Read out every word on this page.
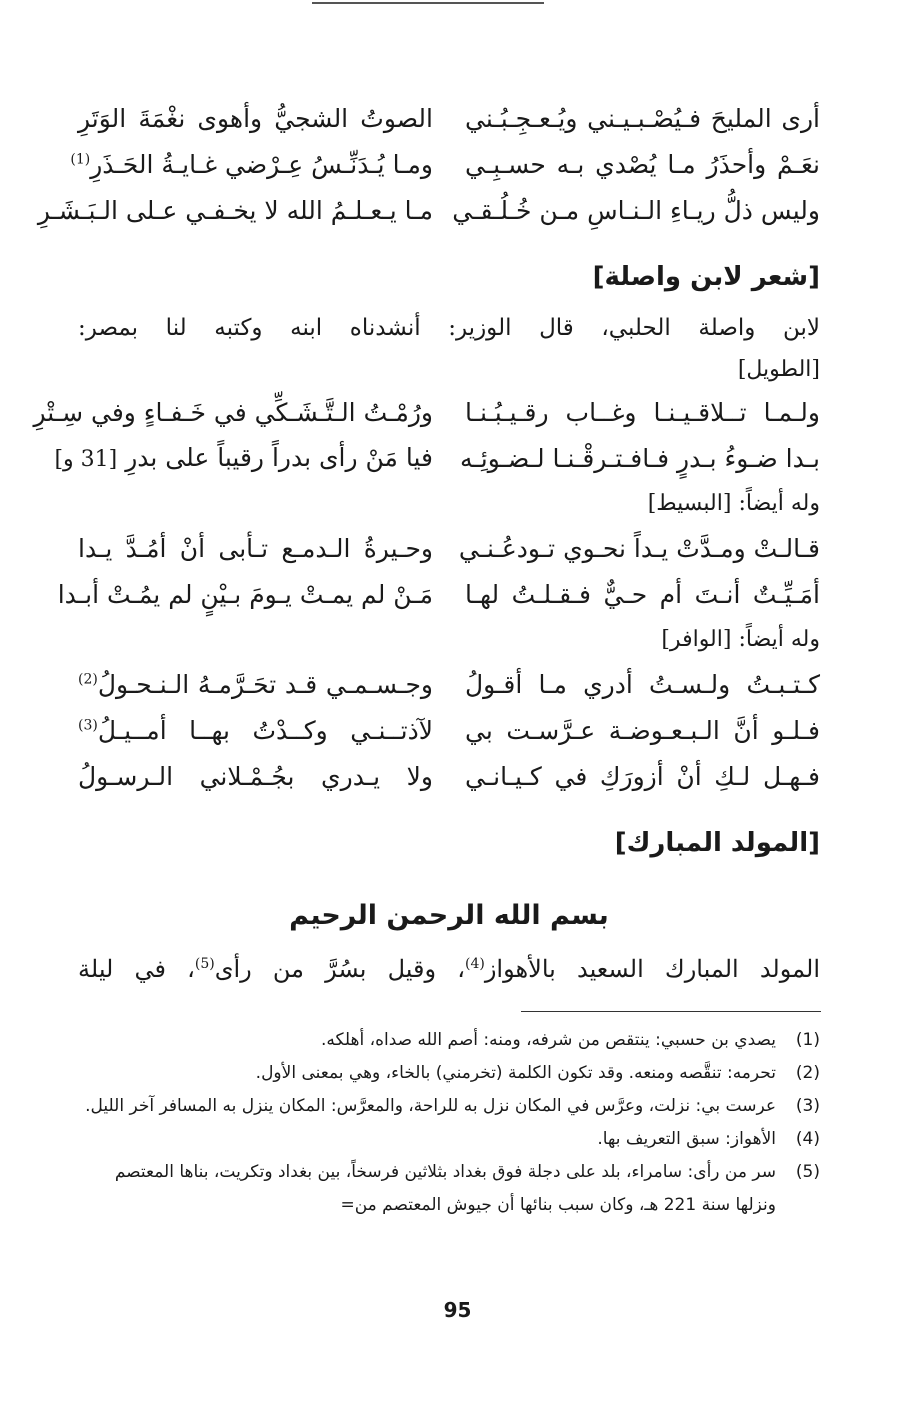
أرى المليحَ فـيُصْـبـيـني ويُـعـجِـبُـني
الصوتُ الشجيُّ وأهوى نغْمَةَ الوَتَرِ
نعَـمْ وأحذَرُ مـا يُصْدي بـه حسـبِـي
ومـا يُـدَنِّـسُ عِـرْضي غـايـةُ الحَـذَرِ$^{(1)}$
وليس ذلُّ ريـاءِ الـنـاسِ مـن خُـلُـقـي
مـا يـعـلـمُ الله لا يخـفـي عـلى الـبَـشَـرِ
[شعر لابن واصلة]

لابن واصلة الحلبي، قال الوزير: أنشدناه ابنه وكتبه لنا بمصر:

[الطويل]

ولـمـا تــلاقـيـنـا وغــاب رقـيـبُـنـا
ورُمْـتُ الـتَّـشَـكِّي في خَـفـاءٍ وفي سِـتْرِ
بـدا ضـوءُ بـدرٍ فـافـتـرقْـنـا لـضـوئِـه
فيا مَنْ رأى بدراً رقيباً على بدرِ [31 و]

وله أيضاً: [البسيط]

قـالـتْ ومـدَّتْ يـداً نحـوي تـودعُـنـي
وحـيرةُ الـدمـع تـأبى أنْ أمُـدَّ يـدا
أمَـيِّـتٌ أنـتَ أم حـيٌّ فـقـلـتُ لهـا
مَـنْ لم يمـتْ يـومَ بـيْنٍ لم يمُـتْ أبـدا

وله أيضاً: [الوافر]

كـتـبـتُ ولـسـتُ أدري مـا أقـولُ
وجـسـمـي قـد تحَـرَّمـهُ الـنـحـولُ$^{(2)}$
فـلـو أنَّ الـبـعـوضـة عـرَّسـت بي
لآذتــنـي وكــدْتُ بهــا أمــيـلُ$^{(3)}$
فـهـل لـكِ أنْ أزورَكِ في كـيـانـي
ولا يـدري بجُـمْـلاني الـرسـولُ
[المولد المبارك]
بسم الله الرحمن الرحيم

المولد المبارك السعيد بالأهواز$^{(4)}$، وقيل بسُرَّ من رأى$^{(5)}$، في ليلة

(1)
يصدي بن حسبي: ينتقص من شرفه، ومنه: أصم الله صداه، أهلكه.
(2)
تحرمه: تنقَّصه ومنعه. وقد تكون الكلمة (تخرمني) بالخاء، وهي بمعنى الأول.
(3)
عرست بي: نزلت، وعرَّس في المكان نزل به للراحة، والمعرَّس: المكان ينزل به المسافر آخر الليل.
(4)
الأهواز: سبق التعريف بها.
(5)
سر من رأى: سامراء، بلد على دجلة فوق بغداد بثلاثين فرسخاً، بين بغداد وتكريت، بناها المعتصم ونزلها سنة 221 هـ، وكان سبب بنائها أن جيوش المعتصم من=
95
